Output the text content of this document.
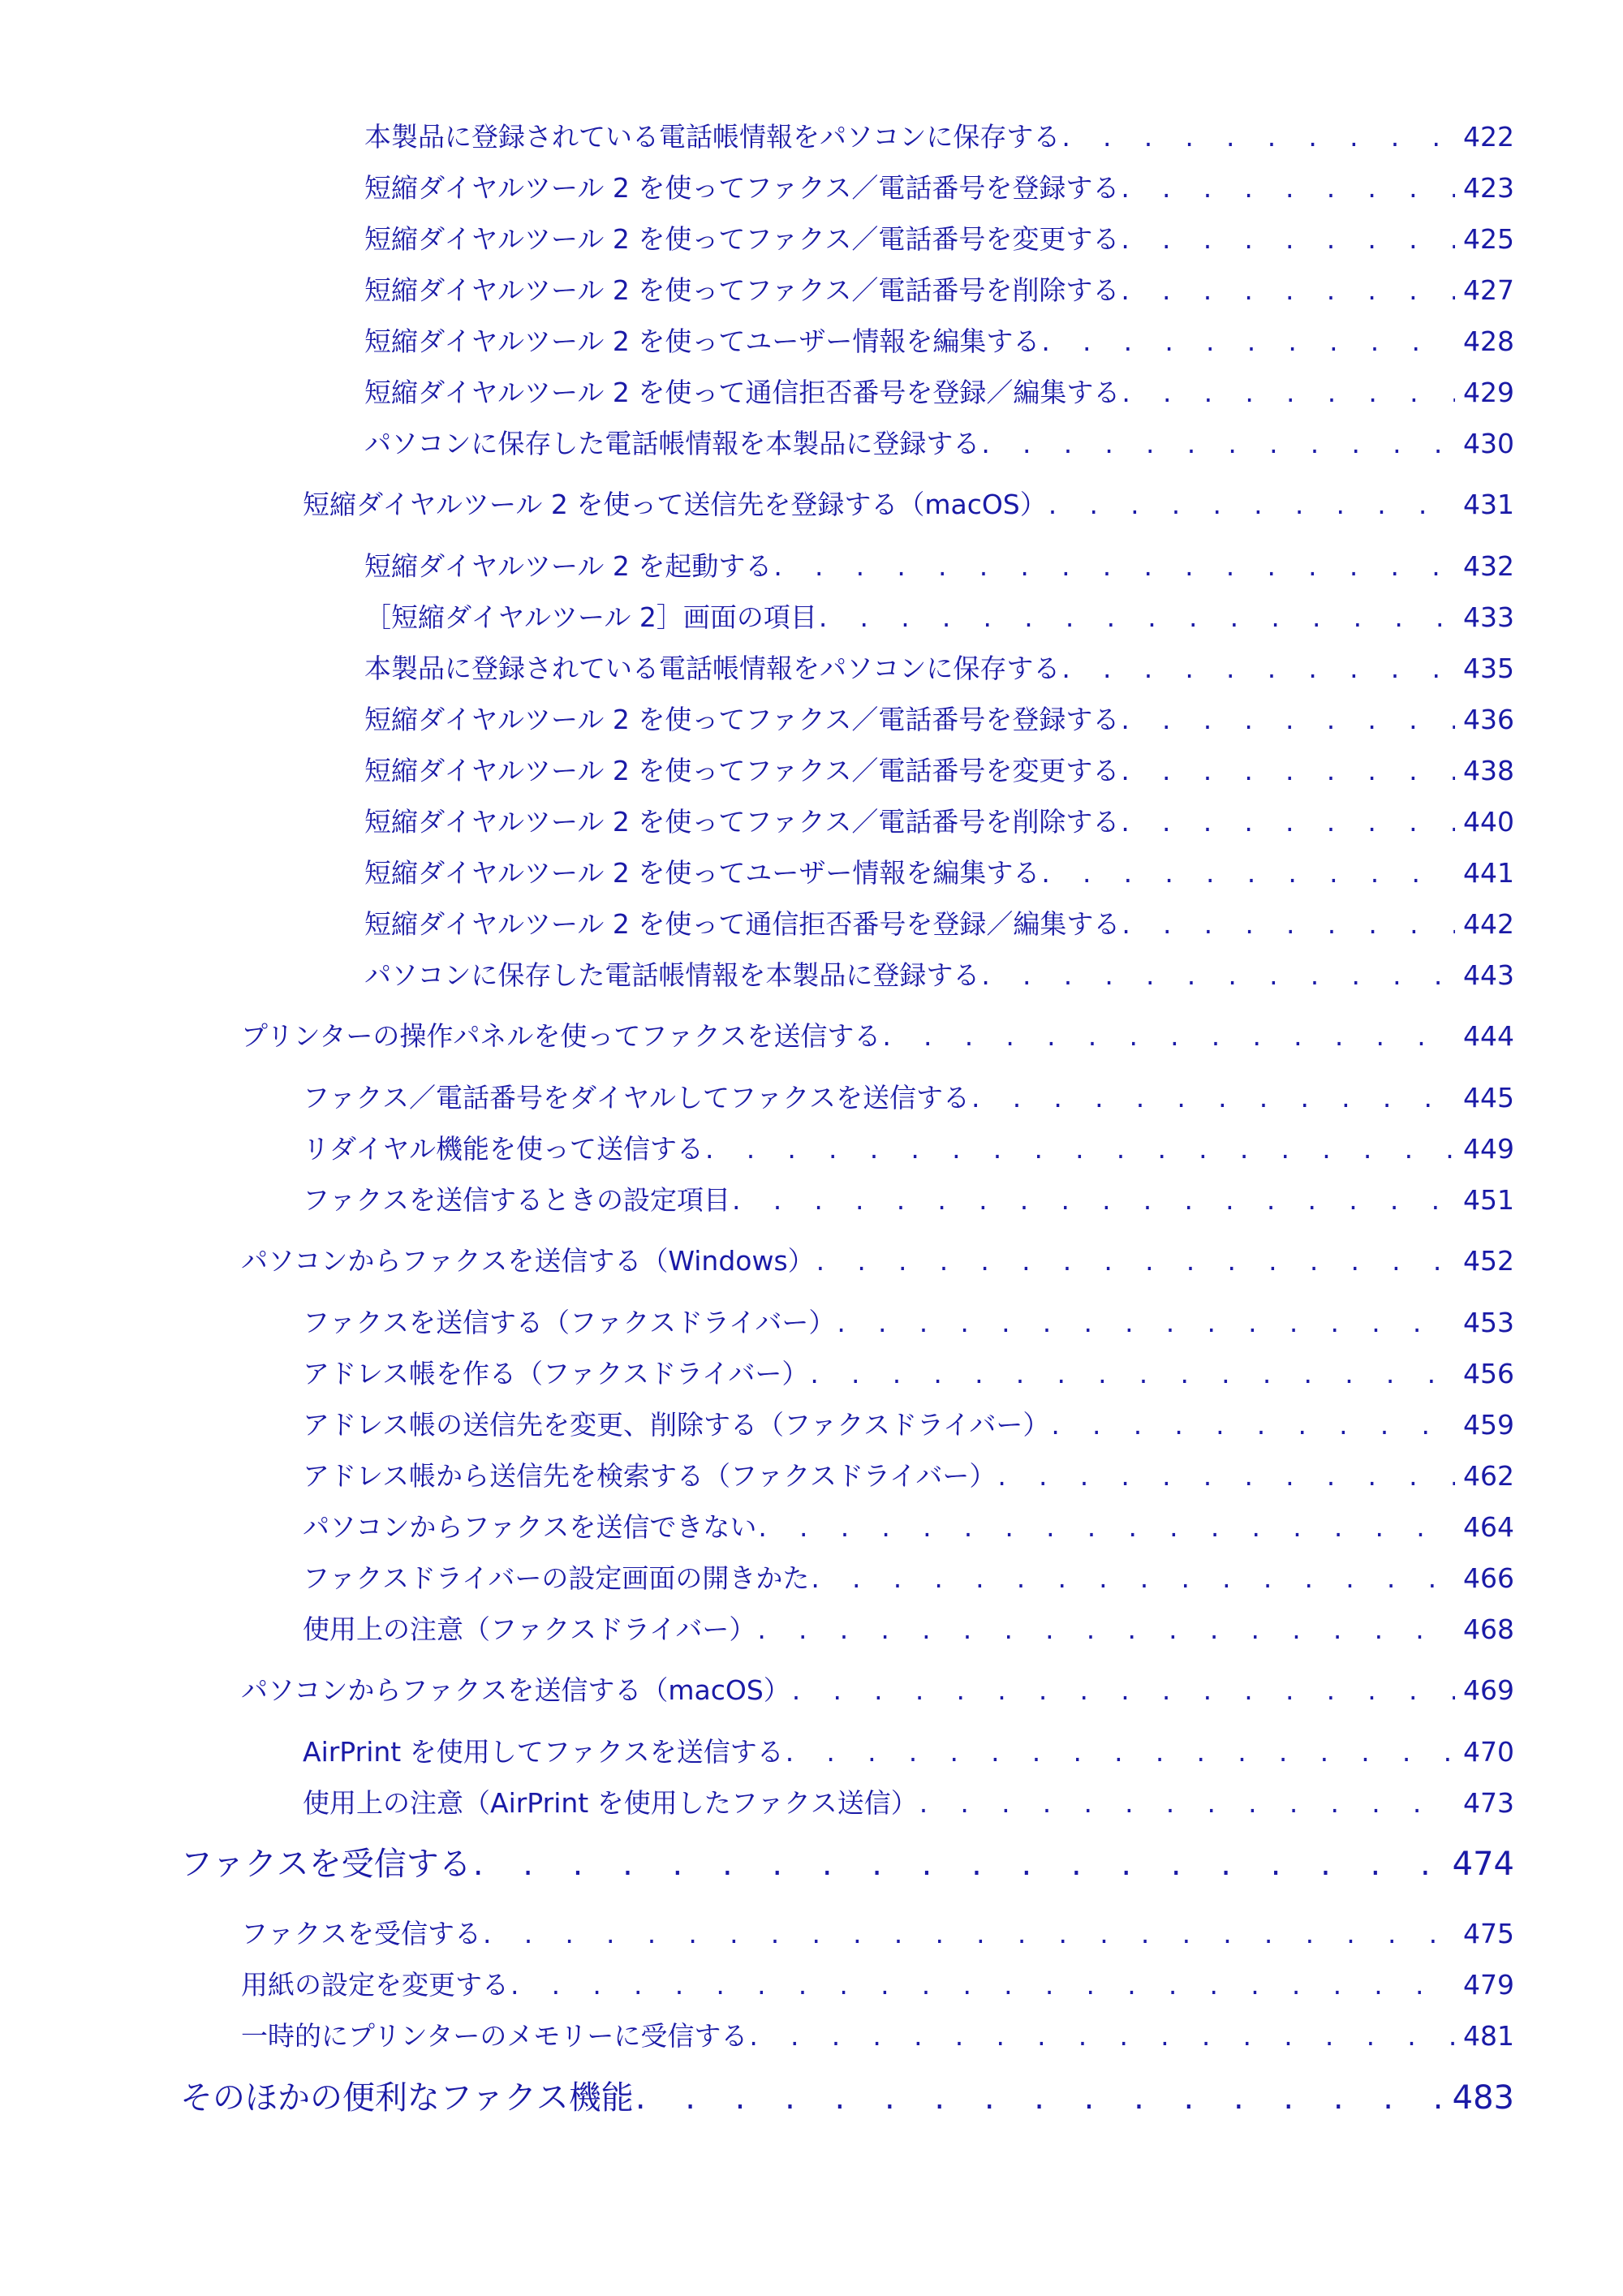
本製品に登録されている電話帳情報をパソコンに保存する . . .	422
短縮ダイヤルツール 2 を使ってファクス／電話番号を登録する . . .	423
短縮ダイヤルツール 2 を使ってファクス／電話番号を変更する . . .	425
短縮ダイヤルツール 2 を使ってファクス／電話番号を削除する . . .	427
短縮ダイヤルツール 2 を使ってユーザー情報を編集する . . .	428
短縮ダイヤルツール 2 を使って通信拒否番号を登録／編集する . . .	429
パソコンに保存した電話帳情報を本製品に登録する . . .	430
短縮ダイヤルツール 2 を使って送信先を登録する（macOS） . . .	431
短縮ダイヤルツール 2 を起動する . . .	432
［短縮ダイヤルツール 2］画面の項目 . . .	433
本製品に登録されている電話帳情報をパソコンに保存する . . .	435
短縮ダイヤルツール 2 を使ってファクス／電話番号を登録する . . .	436
短縮ダイヤルツール 2 を使ってファクス／電話番号を変更する . . .	438
短縮ダイヤルツール 2 を使ってファクス／電話番号を削除する . . .	440
短縮ダイヤルツール 2 を使ってユーザー情報を編集する . . .	441
短縮ダイヤルツール 2 を使って通信拒否番号を登録／編集する . . .	442
パソコンに保存した電話帳情報を本製品に登録する . . .	443
プリンターの操作パネルを使ってファクスを送信する . . .	444
ファクス／電話番号をダイヤルしてファクスを送信する . . .	445
リダイヤル機能を使って送信する . . .	449
ファクスを送信するときの設定項目 . . .	451
パソコンからファクスを送信する（Windows） . . .	452
ファクスを送信する（ファクスドライバー） . . .	453
アドレス帳を作る（ファクスドライバー） . . .	456
アドレス帳の送信先を変更、削除する（ファクスドライバー） . . .	459
アドレス帳から送信先を検索する（ファクスドライバー） . . .	462
パソコンからファクスを送信できない . . .	464
ファクスドライバーの設定画面の開きかた . . .	466
使用上の注意（ファクスドライバー） . . .	468
パソコンからファクスを送信する（macOS） . . .	469
AirPrint を使用してファクスを送信する . . .	470
使用上の注意（AirPrint を使用したファクス送信） . . .	473
ファクスを受信する . . .	474
ファクスを受信する . . .	475
用紙の設定を変更する . . .	479
一時的にプリンターのメモリーに受信する . . .	481
そのほかの便利なファクス機能 . . .	483
